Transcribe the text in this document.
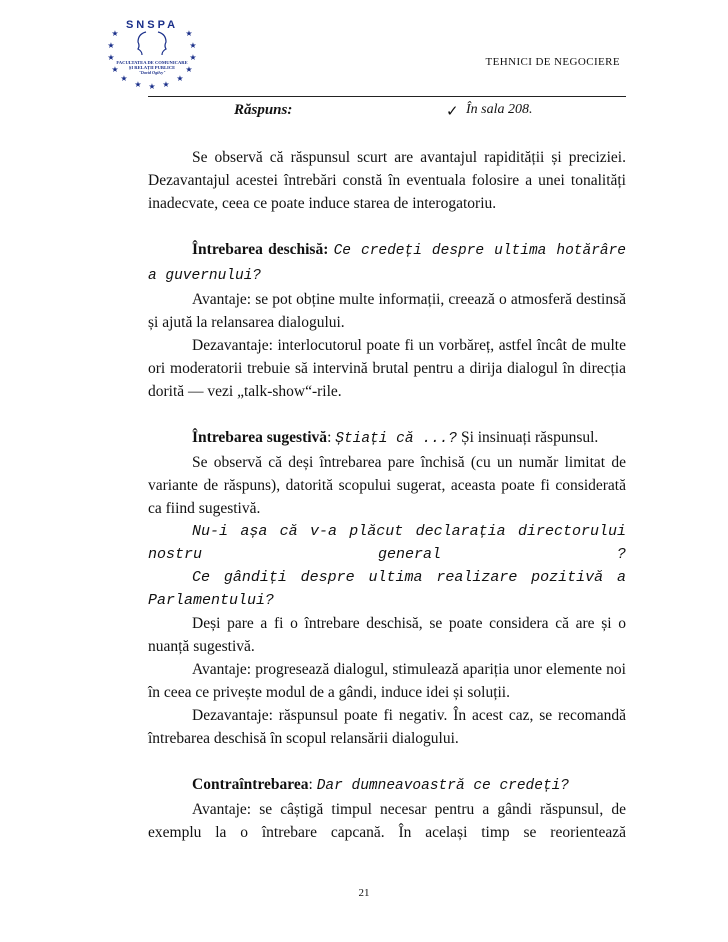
SNSPA
★	★
★	★
★	★
★	★
★	★
★	★
★
FACULTATEA DE COMUNICARE
ȘI RELAȚII PUBLICE
"David Ogilvy"
TEHNICI DE NEGOCIERE
Răspuns:	✓ În sala 208.

Se observă că răspunsul scurt are avantajul rapidității și preciziei. Dezavantajul acestei întrebări constă în eventuala folosire a unei tonalități inadecvate, ceea ce poate induce starea de interogatoriu.

Întrebarea deschisă: Ce credeți despre ultima hotărâre a guvernului?

Avantaje: se pot obține multe informații, creează o atmosferă destinsă și ajută la relansarea dialogului.

Dezavantaje: interlocutorul poate fi un vorbăreț, astfel încât de multe ori moderatorii trebuie să intervină brutal pentru a dirija dialogul în direcția dorită — vezi „talk-show“-rile.

Întrebarea sugestivă: Știați că ...? Și insinuați răspunsul.

Se observă că deși întrebarea pare închisă (cu un număr limitat de variante de răspuns), datorită scopului sugerat, aceasta poate fi considerată ca fiind sugestivă.

Nu-i așa că v-a plăcut declarația directorului nostru general ?

Ce gândiți despre ultima realizare pozitivă a Parlamentului?

Deși pare a fi o întrebare deschisă, se poate considera că are și o nuanță sugestivă.

Avantaje: progresează dialogul, stimulează apariția unor elemente noi în ceea ce privește modul de a gândi, induce idei și soluții.

Dezavantaje: răspunsul poate fi negativ. În acest caz, se recomandă întrebarea deschisă în scopul relansării dialogului.

Contraîntrebarea: Dar dumneavoastră ce credeți?

Avantaje: se câștigă timpul necesar pentru a gândi răspunsul, de exemplu la o întrebare capcană. În același timp se reorientează

21
